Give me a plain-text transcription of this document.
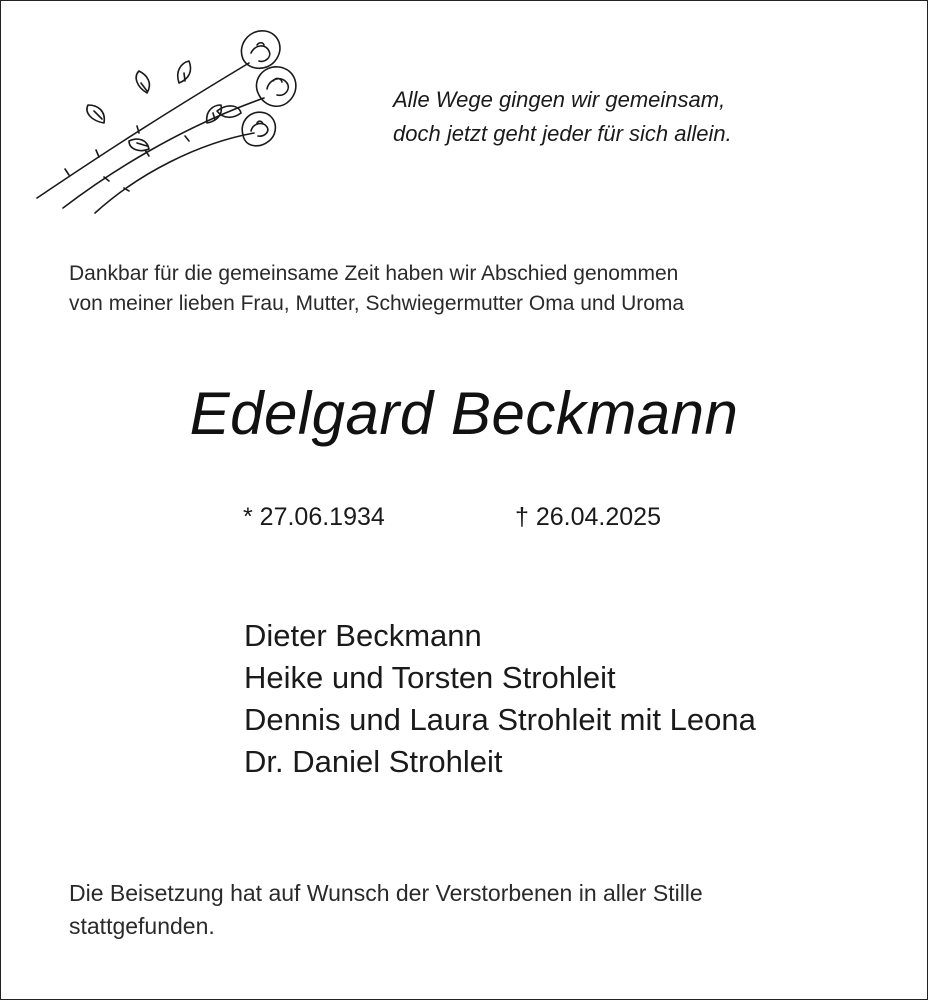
Alle Wege gingen wir gemeinsam,
doch jetzt geht jeder für sich allein.
Dankbar für die gemeinsame Zeit haben wir Abschied genommen
von meiner lieben Frau, Mutter, Schwiegermutter Oma und Uroma
Edelgard Beckmann
* 27.06.1934	† 26.04.2025
Dieter Beckmann
Heike und Torsten Strohleit
Dennis und Laura Strohleit mit Leona
Dr. Daniel Strohleit
Die Beisetzung hat auf Wunsch der Verstorbenen in aller Stille
stattgefunden.
